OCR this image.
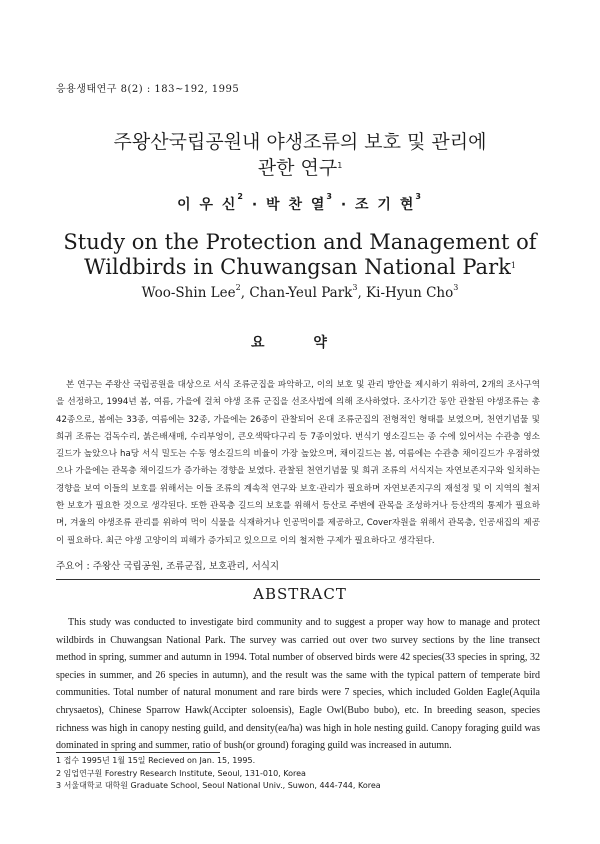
응용생태연구 8(2) : 183~192, 1995
주왕산국립공원내 야생조류의 보호 및 관리에
관한 연구$^1$
이 우 신$^2$ · 박 찬 열$^3$ · 조 기 현$^3$
Study on the Protection and Management of
Wildbirds in Chuwangsan National Park$^1$
Woo-Shin Lee$^2$, Chan-Yeul Park$^3$, Ki-Hyun Cho$^3$
요 약

본 연구는 주왕산 국립공원을 대상으로 서식 조류군집을 파악하고, 이의 보호 및 관리 방안을 제시하기 위하여, 2개의 조사구역을 선정하고, 1994년 봄, 여름, 가을에 걸쳐 야생 조류 군집을 선조사법에 의해 조사하였다. 조사기간 동안 관찰된 야생조류는 총 42종으로, 봄에는 33종, 여름에는 32종, 가을에는 26종이 관찰되어 온대 조류군집의 전형적인 형태를 보였으며, 천연기념물 및 희귀 조류는 검독수리, 붉은배새매, 수리부엉이, 큰오색딱다구리 등 7종이었다. 번식기 영소길드는 종 수에 있어서는 수관층 영소길드가 높았으나 ha당 서식 밀도는 수동 영소길드의 비율이 가장 높았으며, 채이길드는 봄, 여름에는 수관층 채이길드가 우점하였으나 가을에는 관목층 채이길드가 증가하는 경향을 보였다. 관찰된 천연기념물 및 희귀 조류의 서식지는 자연보존지구와 일치하는 경향을 보여 이들의 보호를 위해서는 이들 조류의 계속적 연구와 보호·관리가 필요하며 자연보존지구의 재설정 및 이 지역의 철저한 보호가 필요한 것으로 생각된다. 또한 관목층 길드의 보호를 위해서 등산로 주변에 관목을 조성하거나 등산객의 통제가 필요하며, 겨울의 야생조류 관리를 위하여 먹이 식물을 식재하거나 인공먹이를 제공하고, Cover자원을 위해서 관목층, 인공새집의 제공이 필요하다. 최근 야생 고양이의 피해가 증가되고 있으므로 이의 철저한 구제가 필요하다고 생각된다.

주요어 : 주왕산 국립공원, 조류군집, 보호관리, 서식지
ABSTRACT

This study was conducted to investigate bird community and to suggest a proper way how to manage and protect wildbirds in Chuwangsan National Park. The survey was carried out over two survey sections by the line transect method in spring, summer and autumn in 1994. Total number of observed birds were 42 species(33 species in spring, 32 species in summer, and 26 species in autumn), and the result was the same with the typical pattern of temperate bird communities. Total number of natural monument and rare birds were 7 species, which included Golden Eagle(Aquila chrysaetos), Chinese Sparrow Hawk(Accipter soloensis), Eagle Owl(Bubo bubo), etc. In breeding season, species richness was high in canopy nesting guild, and density(ea/ha) was high in hole nesting guild. Canopy foraging guild was dominated in spring and summer, ratio of bush(or ground) foraging guild was increased in autumn.

1 접수 1995년 1월 15일 Recieved on Jan. 15, 1995.
2 임업연구원 Forestry Research Institute, Seoul, 131-010, Korea
3 서울대학교 대학원 Graduate School, Seoul National Univ., Suwon, 444-744, Korea
